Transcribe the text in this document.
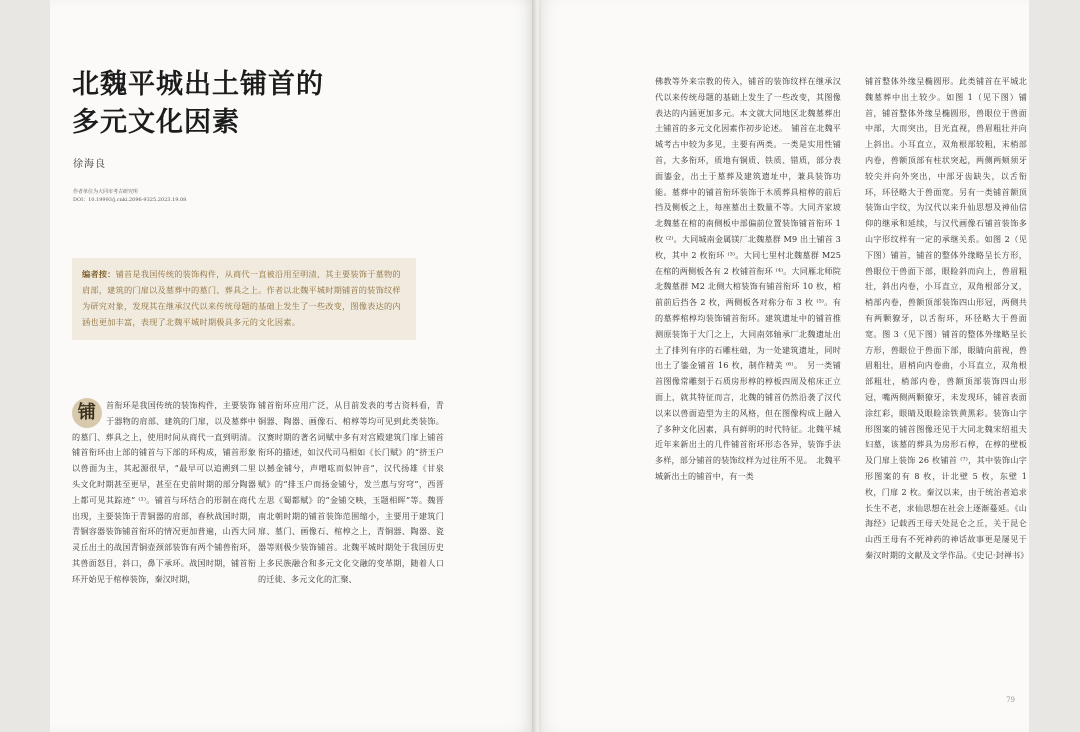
北魏平城出土铺首的
多元文化因素
徐海良
作者单位为大同市考古研究所
DOI：10.19993/j.cnki.2096-9325.2023.19.08
编者按：铺首是我国传统的装饰构件，从商代一直被沿用至明清，其主要装饰于墓物的肩部，建筑的门扉以及墓葬中的墓门、葬具之上。作者以北魏平城时期铺首的装饰纹样为研究对象，发现其在继承汉代以来传统母题的基础上发生了一些改变，图像表达的内涵也更加丰富，表现了北魏平城时期极具多元的文化因素。
铺	首衔环是我国传统的装饰构件，主要装饰于器物的肩部、建筑的门扉，以及墓葬中的墓门、葬具之上，使用时间从商代一直到明清。铺首衔环由上部的铺首与下部的环构成，铺首形象以兽面为主，其起源很早，“最早可以追溯到二里头文化时期甚至更早，甚至在史前时期的部分陶器上都可见其踪迹” ⁽¹⁾。铺首与环结合的形制在商代出现，主要装饰于青铜器的肩部，春秋战国时期，青铜容器装饰铺首衔环的情况更加普遍，山西大同灵丘出土的战国青铜壶颈部装饰有两个铺兽衔环，其兽面怒目，斜口，鼻下承环。战国时期，铺首衔环开始见于棺椁装饰，秦汉时期，
铺首衔环应用广泛，从目前发表的考古资料看，青铜器、陶器、画像石、棺椁等均可见到此类装饰。汉赛时期的著名词赋中多有对宫殿建筑门扉上铺首衔环的描述，如汉代司马相如《长门赋》的“挤玉户以撼金铺兮，声噌吰而似钟音”，汉代扬雄《甘泉赋》的“排玉户而扬金铺兮，发兰惠与穷穹”，西晋左思《蜀都赋》的“金铺交映，玉题相晖”等。魏晋南北朝时期的铺首装饰范围缩小，主要用于建筑门扉、墓门、画像石、棺椁之上，青铜器、陶器、瓷器等则极少装饰铺首。北魏平城时期处于我国历史上多民族融合和多元文化交融的变革期，随着人口的迁徙、多元文化的汇聚、
佛教等外来宗教的传入，铺首的装饰纹样在继承汉代以来传统母题的基础上发生了一些改变，其图像表达的内涵更加多元。本文就大同地区北魏墓葬出土铺首的多元文化因素作初步论述。　铺首在北魏平城考古中较为多见，主要有两类。一类是实用性铺首，大多衔环，质地有铜质、铁质、错质，部分表面鎏金，出土于墓葬及建筑遗址中，兼具装饰功能。墓葬中的铺首衔环装饰于木质葬具棺椁的前后挡及侧板之上，每座墓出土数量不等。大同齐家坡北魏墓在棺的南侧板中部偏前位置装饰铺首衔环 1 枚 ⁽²⁾。大同城南金属镁厂北魏墓群 M9 出土铺首 3 枚，其中 2 枚衔环 ⁽³⁾。大同七里村北魏墓群 M25 在棺的两侧板各有 2 枚铺首衔环 ⁽⁴⁾。大同雁北师院北魏墓群 M2 北侧大棺装饰有铺首衔环 10 枚，棺前前后挡各 2 枚，两侧板各对称分布 3 枚 ⁽⁵⁾。有的墓葬棺椁均装饰铺首衔环。建筑遗址中的铺首推测原装饰于大门之上，大同南郊轴承厂北魏遗址出土了排列有序的石雕柱础，为一处建筑遗址，同时出土了鎏金铺首 16 枚，制作精美 ⁽⁶⁾。　另一类铺首图像常雕刻于石质房形椁的椁板四周及棺床正立面上，就其特征而言，北魏的铺首仍然沿袭了汉代以来以兽面造型为主的风格，但在图像构成上融入了多种文化因素，具有鲜明的时代特征。北魏平城近年来新出土的几件铺首衔环形态各异，装饰手法多样，部分铺首的装饰纹样为过往所不见。　北魏平城新出土的铺首中，有一类
铺首整体外缘呈椭圆形。此类铺首在平城北魏墓葬中出土较少。如图 1（见下图）铺首，铺首整体外缘呈椭圆形，兽眼位于兽面中部，大而突出，目光直视，兽眉粗壮并向上斜出。小耳直立，双角根部较粗，末梢部内卷，兽额顶部有柱状突起，两侧两颊须牙较尖并向外突出，中部牙齿缺失，以舌衔环，环径略大于兽面宽。另有一类铺首额顶装饰山字纹，为汉代以来升仙思想及神仙信仰的继承和延续，与汉代画像石铺首装饰多山字形纹样有一定的承继关系。如图 2（见下图）铺首，铺首的整体外缘略呈长方形，兽眼位于兽面下部，眼睑斜而向上，兽眉粗壮，斜出内卷，小耳直立，双角根部分叉，梢部内卷，兽额顶部装饰四山形冠，两侧共有两颗獠牙，以舌衔环，环径略大于兽面宽。图 3（见下图）铺首的整体外缘略呈长方形，兽眼位于兽面下部，眼睛向前视，兽眉粗壮，眉梢向内卷曲，小耳直立，双角根部粗壮，梢部内卷，兽额顶部装饰四山形冠，嘴两侧两颗獠牙，未发现环，铺首表面涂红彩，眼睛及眼睑涂铁黄黑彩。装饰山字形图案的铺首图像还见于大同北魏宋绍祖夫妇墓，该墓的葬具为房形石椁，在椁的壁板及门扉上装饰 26 枚铺首 ⁽⁷⁾，其中装饰山字形图案的有 8 枚，计北壁 5 枚，东壁 1 枚，门扉 2 枚。秦汉以来，由于统治者追求长生不老，求仙思想在社会上逐渐蔓延。《山海经》记载西王母天处昆仑之丘，关于昆仑山西王母有不死神药的神话故事更是屡见于秦汉时期的文献及文学作品。《史记·封禅书》
79
